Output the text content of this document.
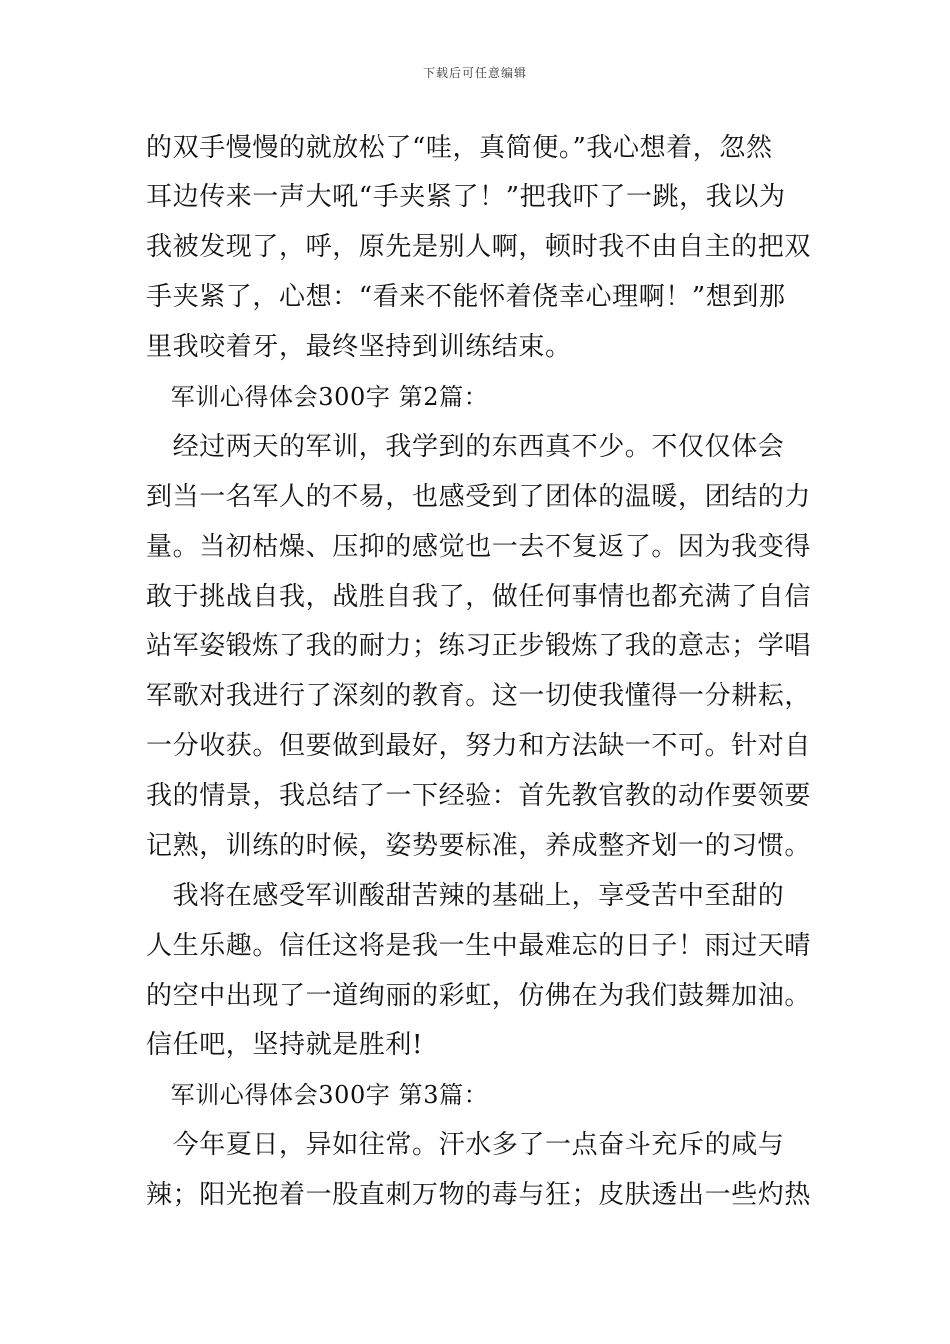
下载后可任意编辑
的双手慢慢的就放松了“哇，真简便。”我心想着，忽然
耳边传来一声大吼“手夹紧了！”把我吓了一跳，我以为
我被发现了，呼，原先是别人啊，顿时我不由自主的把双
手夹紧了，心想：“看来不能怀着侥幸心理啊！”想到那
里我咬着牙，最终坚持到训练结束。
　军训心得体会300字 第2篇：
　经过两天的军训，我学到的东西真不少。不仅仅体会
到当一名军人的不易，也感受到了团体的温暖，团结的力
量。当初枯燥、压抑的感觉也一去不复返了。因为我变得
敢于挑战自我，战胜自我了，做任何事情也都充满了自信
站军姿锻炼了我的耐力；练习正步锻炼了我的意志；学唱
军歌对我进行了深刻的教育。这一切使我懂得一分耕耘，
一分收获。但要做到最好，努力和方法缺一不可。针对自
我的情景，我总结了一下经验：首先教官教的动作要领要
记熟，训练的时候，姿势要标准，养成整齐划一的习惯。
　我将在感受军训酸甜苦辣的基础上，享受苦中至甜的
人生乐趣。信任这将是我一生中最难忘的日子！雨过天晴
的空中出现了一道绚丽的彩虹，仿佛在为我们鼓舞加油。
信任吧，坚持就是胜利!
　军训心得体会300字 第3篇：
　今年夏日，异如往常。汗水多了一点奋斗充斥的咸与
辣；阳光抱着一股直刺万物的毒与狂；皮肤透出一些灼热
